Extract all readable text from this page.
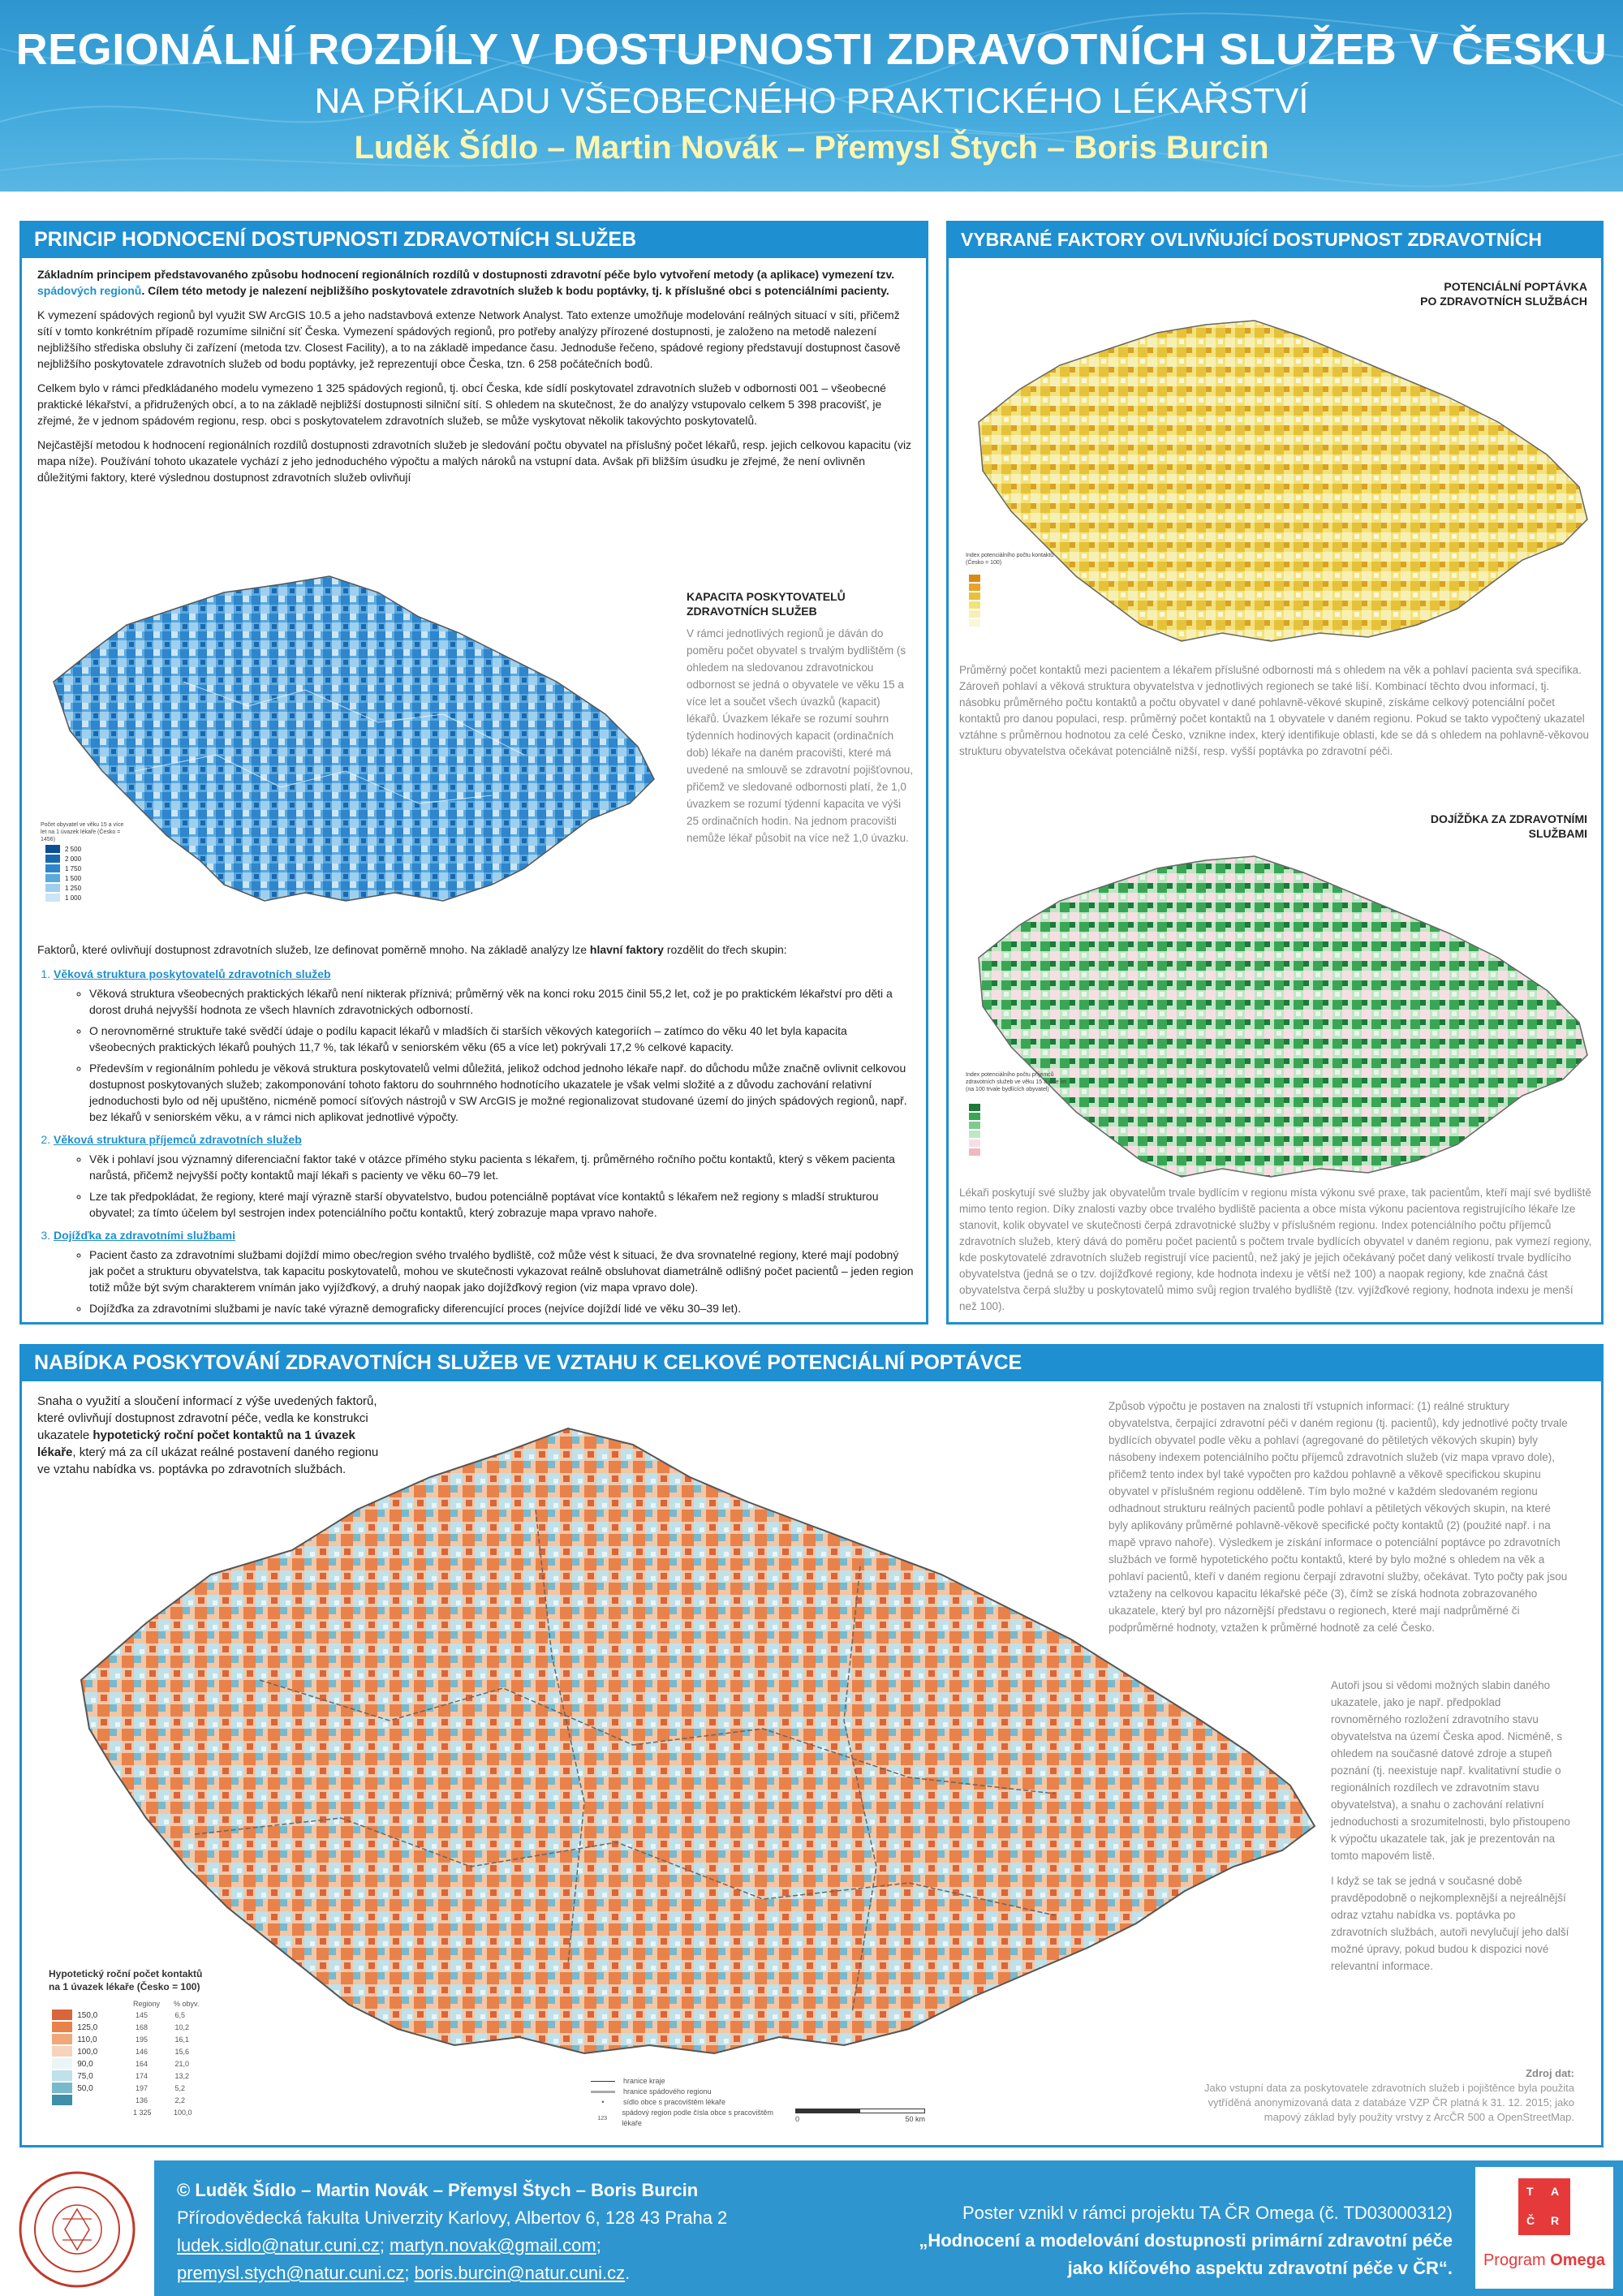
REGIONÁLNÍ ROZDÍLY V DOSTUPNOSTI ZDRAVOTNÍCH SLUŽEB V ČESKU
NA PŘÍKLADU VŠEOBECNÉHO PRAKTICKÉHO LÉKAŘSTVÍ
Luděk Šídlo – Martin Novák – Přemysl Štych – Boris Burcin
PRINCIP HODNOCENÍ DOSTUPNOSTI ZDRAVOTNÍCH SLUŽEB

Základním principem představovaného způsobu hodnocení regionálních rozdílů v dostupnosti zdravotní péče bylo vytvoření metody (a aplikace) vymezení tzv. spádových regionů. Cílem této metody je nalezení nejbližšího poskytovatele zdravotních služeb k bodu poptávky, tj. k příslušné obci s potenciálními pacienty.

K vymezení spádových regionů byl využit SW ArcGIS 10.5 a jeho nadstavbová extenze Network Analyst. Tato extenze umožňuje modelování reálných situací v síti, přičemž sítí v tomto konkrétním případě rozumíme silniční síť Česka. Vymezení spádových regionů, pro potřeby analýzy přírozené dostupnosti, je založeno na metodě nalezení nejbližšího střediska obsluhy či zařízení (metoda tzv. Closest Facility), a to na základě impedance času. Jednoduše řečeno, spádové regiony představují dostupnost časově nejbližšího poskytovatele zdravotních služeb od bodu poptávky, jež reprezentují obce Česka, tzn. 6 258 počátečních bodů.

Celkem bylo v rámci předkládaného modelu vymezeno 1 325 spádových regionů, tj. obcí Česka, kde sídlí poskytovatel zdravotních služeb v odbornosti 001 – všeobecné praktické lékařství, a přidružených obcí, a to na základě nejbližší dostupnosti silniční sítí. S ohledem na skutečnost, že do analýzy vstupovalo celkem 5 398 pracovišť, je zřejmé, že v jednom spádovém regionu, resp. obci s poskytovatelem zdravotních služeb, se může vyskytovat několik takovýchto poskytovatelů.

Nejčastější metodou k hodnocení regionálních rozdílů dostupnosti zdravotních služeb je sledování počtu obyvatel na příslušný počet lékařů, resp. jejich celkovou kapacitu (viz mapa níže). Používání tohoto ukazatele vychází z jeho jednoduchého výpočtu a malých nároků na vstupní data. Avšak při bližším úsudku je zřejmé, že není ovlivněn důležitými faktory, které výslednou dostupnost zdravotních služeb ovlivňují

Počet obyvatel ve věku 15 a více let na 1 úvazek lékaře (Česko = 1456)
2 500
2 000
1 750
1 500
1 250
1 000
KAPACITA POSKYTOVATELŮ
ZDRAVOTNÍCH SLUŽEB
V rámci jednotlivých regionů je dáván do poměru počet obyvatel s trvalým bydlištěm (s ohledem na sledovanou zdravotnickou odbornost se jedná o obyvatele ve věku 15 a více let a součet všech úvazků (kapacit) lékařů. Úvazkem lékaře se rozumí souhrn týdenních hodinových kapacit (ordinačních dob) lékaře na daném pracovišti, které má uvedené na smlouvě se zdravotní pojišťovnou, přičemž ve sledované odbornosti platí, že 1,0 úvazkem se rozumí týdenní kapacita ve výši 25 ordinačních hodin. Na jednom pracovišti nemůže lékař působit na více než 1,0 úvazku.

Faktorů, které ovlivňují dostupnost zdravotních služeb, lze definovat poměrně mnoho. Na základě analýzy lze hlavní faktory rozdělit do třech skupin:

1. Věková struktura poskytovatelů zdravotních služeb
◦ Věková struktura všeobecných praktických lékařů není nikterak příznivá; průměrný věk na konci roku 2015 činil 55,2 let, což je po praktickém lékařství pro děti a dorost druhá nejvyšší hodnota ze všech hlavních zdravotnických odborností.
◦ O nerovnoměrné struktuře také svědčí údaje o podílu kapacit lékařů v mladších či starších věkových kategoriích – zatímco do věku 40 let byla kapacita všeobecných praktických lékařů pouhých 11,7 %, tak lékařů v seniorském věku (65 a více let) pokrývali 17,2 % celkové kapacity.
◦ Především v regionálním pohledu je věková struktura poskytovatelů velmi důležitá, jelikož odchod jednoho lékaře např. do důchodu může značně ovlivnit celkovou dostupnost poskytovaných služeb; zakomponování tohoto faktoru do souhrnného hodnotícího ukazatele je však velmi složité a z důvodu zachování relativní jednoduchosti bylo od něj upuštěno, nicméně pomocí síťových nástrojů v SW ArcGIS je možné regionalizovat studované území do jiných spádových regionů, např. bez lékařů v seniorském věku, a v rámci nich aplikovat jednotlivé výpočty.
2. Věková struktura příjemců zdravotních služeb
◦ Věk i pohlaví jsou významný diferenciační faktor také v otázce přímého styku pacienta s lékařem, tj. průměrného ročního počtu kontaktů, který s věkem pacienta narůstá, přičemž nejvyšší počty kontaktů mají lékaři s pacienty ve věku 60–79 let.
◦ Lze tak předpokládat, že regiony, které mají výrazně starší obyvatelstvo, budou potenciálně poptávat více kontaktů s lékařem než regiony s mladší strukturou obyvatel; za tímto účelem byl sestrojen index potenciálního počtu kontaktů, který zobrazuje mapa vpravo nahoře.
3. Dojížďka za zdravotními službami
◦ Pacient často za zdravotními službami dojíždí mimo obec/region svého trvalého bydliště, což může vést k situaci, že dva srovnatelné regiony, které mají podobný jak počet a strukturu obyvatelstva, tak kapacitu poskytovatelů, mohou ve skutečnosti vykazovat reálně obsluhovat diametrálně odlišný počet pacientů – jeden region totiž může být svým charakterem vnímán jako vyjížďkový, a druhý naopak jako dojížďkový region (viz mapa vpravo dole).
◦ Dojížďka za zdravotními službami je navíc také výrazně demograficky diferencující proces (nejvíce dojíždí lidé ve věku 30–39 let).
VYBRANÉ FAKTORY OVLIVŇUJÍCÍ DOSTUPNOST ZDRAVOTNÍCH SLUŽEB	POTENCIÁLNÍ POPTÁVKA
PO ZDRAVOTNÍCH SLUŽBÁCH
Index potenciálního počtu kontaktů (Česko = 100)
Průměrný počet kontaktů mezi pacientem a lékařem příslušné odbornosti má s ohledem na věk a pohlaví pacienta svá specifika. Zároveň pohlaví a věková struktura obyvatelstva v jednotlivých regionech se také liší. Kombinací těchto dvou informací, tj. násobku průměrného počtu kontaktů a počtu obyvatel v dané pohlavně-věkové skupině, získáme celkový potenciální počet kontaktů pro danou populaci, resp. průměrný počet kontaktů na 1 obyvatele v daném regionu. Pokud se takto vypočtený ukazatel vztáhne s průměrnou hodnotou za celé Česko, vznikne index, který identifikuje oblasti, kde se dá s ohledem na pohlavně-věkovou strukturu obyvatelstva očekávat potenciálně nižší, resp. vyšší poptávka po zdravotní péči.
DOJÍŽĎKA ZA ZDRAVOTNÍMI
SLUŽBAMI
Index potenciálního počtu příjemců zdravotních služeb ve věku 15 a více let (na 100 trvale bydlících obyvatel)
Lékaři poskytují své služby jak obyvatelům trvale bydlícím v regionu místa výkonu své praxe, tak pacientům, kteří mají své bydliště mimo tento region. Díky znalosti vazby obce trvalého bydliště pacienta a obce místa výkonu pacientova registrujícího lékaře lze stanovit, kolik obyvatel ve skutečnosti čerpá zdravotnické služby v příslušném regionu. Index potenciálního počtu příjemců zdravotních služeb, který dává do poměru počet pacientů s počtem trvale bydlících obyvatel v daném regionu, pak vymezí regiony, kde poskytovatelé zdravotních služeb registrují více pacientů, než jaký je jejich očekávaný počet daný velikostí trvale bydlícího obyvatelstva (jedná se o tzv. dojížďkové regiony, kde hodnota indexu je větší než 100) a naopak regiony, kde značná část obyvatelstva čerpá služby u poskytovatelů mimo svůj region trvalého bydliště (tzv. vyjížďkové regiony, hodnota indexu je menší než 100).
NABÍDKA POSKYTOVÁNÍ ZDRAVOTNÍCH SLUŽEB VE VZTAHU K CELKOVÉ POTENCIÁLNÍ POPTÁVCE
Snaha o využití a sloučení informací z výše uvedených faktorů, které ovlivňují dostupnost zdravotní péče, vedla ke konstrukci ukazatele hypotetický roční počet kontaktů na 1 úvazek lékaře, který má za cíl ukázat reálné postavení daného regionu ve vztahu nabídka vs. poptávka po zdravotních službách.
Hypotetický roční počet kontaktů
na 1 úvazek lékaře (Česko = 100)
Regiony	% obyv.
150,0	145	6,5
125,0	168	10,2
110,0	195	16,1
100,0	146	15,6
90,0	164	21,0
75,0	174	13,2
50,0	197	5,2
136	2,2
1 325	100,0
hranice kraje
hranice spádového regionu
•	sídlo obce s pracovištěm lékaře
123
spádový region podle čísla obce s pracovištěm lékaře	0	50 km
Způsob výpočtu je postaven na znalosti tří vstupních informací: (1) reálné struktury obyvatelstva, čerpající zdravotní péči v daném regionu (tj. pacientů), kdy jednotlivé počty trvale bydlících obyvatel podle věku a pohlaví (agregované do pětiletých věkových skupin) byly násobeny indexem potenciálního počtu příjemců zdravotních služeb (viz mapa vpravo dole), přičemž tento index byl také vypočten pro každou pohlavně a věkově specifickou skupinu obyvatel v příslušném regionu odděleně. Tím bylo možné v každém sledovaném regionu odhadnout strukturu reálných pacientů podle pohlaví a pětiletých věkových skupin, na které byly aplikovány průměrné pohlavně-věkově specifické počty kontaktů (2) (použité např. i na mapě vpravo nahoře). Výsledkem je získání informace o potenciální poptávce po zdravotních službách ve formě hypotetického počtu kontaktů, které by bylo možné s ohledem na věk a pohlaví pacientů, kteří v daném regionu čerpají zdravotní služby, očekávat. Tyto počty pak jsou vztaženy na celkovou kapacitu lékařské péče (3), čímž se získá hodnota zobrazovaného ukazatele, který byl pro názornější představu o regionech, které mají nadprůměrné či podprůměrné hodnoty, vztažen k průměrné hodnotě za celé Česko.

Autoři jsou si vědomi možných slabin daného ukazatele, jako je např. předpoklad rovnoměrného rozložení zdravotního stavu obyvatelstva na území Česka apod. Nicméně, s ohledem na současné datové zdroje a stupeň poznání (tj. neexistuje např. kvalitativní studie o regionálních rozdílech ve zdravotním stavu obyvatelstva), a snahu o zachování relativní jednoduchosti a srozumitelnosti, bylo přistoupeno k výpočtu ukazatele tak, jak je prezentován na tomto mapovém listě.

I když se tak se jedná v současné době pravděpodobně o nejkomplexnější a nejreálnější odraz vztahu nabídka vs. poptávka po zdravotních službách, autoři nevylučují jeho další možné úpravy, pokud budou k dispozici nové relevantní informace.

Zdroj dat:
Jako vstupní data za poskytovatele zdravotních služeb i pojištěnce byla použita vytříděná anonymizovaná data z databáze VZP ČR platná k 31. 12. 2015; jako mapový základ byly použity vrstvy z ArcČR 500 a OpenStreetMap.
© Luděk Šídlo – Martin Novák – Přemysl Štych – Boris Burcin
Přírodovědecká fakulta Univerzity Karlovy, Albertov 6, 128 43 Praha 2
ludek.sidlo@natur.cuni.cz; martyn.novak@gmail.com;
premysl.stych@natur.cuni.cz; boris.burcin@natur.cuni.cz.
Poster vznikl v rámci projektu TA ČR Omega (č. TD03000312)
„Hodnocení a modelování dostupnosti primární zdravotní péče
jako klíčového aspektu zdravotní péče v ČR“.
T A
Č R
Program Omega
